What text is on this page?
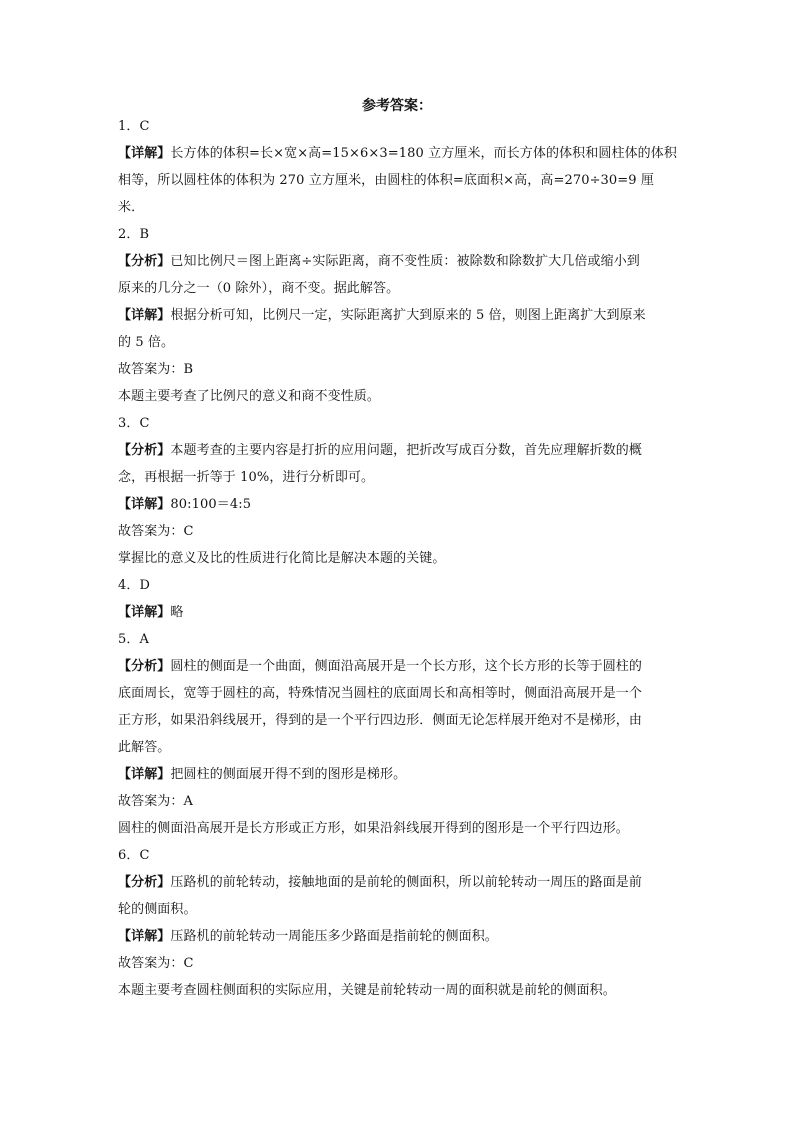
参考答案：
1．C
【详解】长方体的体积=长×宽×高=15×6×3=180 立方厘米，而长方体的体积和圆柱体的体积
相等，所以圆柱体的体积为 270 立方厘米，由圆柱的体积=底面积×高，高=270÷30=9 厘
米．
2．B
【分析】已知比例尺＝图上距离÷实际距离，商不变性质：被除数和除数扩大几倍或缩小到
原来的几分之一（0 除外），商不变。据此解答。
【详解】根据分析可知，比例尺一定，实际距离扩大到原来的 5 倍，则图上距离扩大到原来
的 5 倍。
故答案为：B
本题主要考查了比例尺的意义和商不变性质。
3．C
【分析】本题考查的主要内容是打折的应用问题，把折改写成百分数，首先应理解折数的概
念，再根据一折等于 10%，进行分析即可。
【详解】80:100＝4:5
故答案为：C
掌握比的意义及比的性质进行化简比是解决本题的关键。
4．D
【详解】略
5．A
【分析】圆柱的侧面是一个曲面，侧面沿高展开是一个长方形，这个长方形的长等于圆柱的
底面周长，宽等于圆柱的高，特殊情况当圆柱的底面周长和高相等时，侧面沿高展开是一个
正方形，如果沿斜线展开，得到的是一个平行四边形．侧面无论怎样展开绝对不是梯形，由
此解答。
【详解】把圆柱的侧面展开得不到的图形是梯形。
故答案为：A
圆柱的侧面沿高展开是长方形或正方形，如果沿斜线展开得到的图形是一个平行四边形。
6．C
【分析】压路机的前轮转动，接触地面的是前轮的侧面积，所以前轮转动一周压的路面是前
轮的侧面积。
【详解】压路机的前轮转动一周能压多少路面是指前轮的侧面积。
故答案为：C
本题主要考查圆柱侧面积的实际应用，关键是前轮转动一周的面积就是前轮的侧面积。
